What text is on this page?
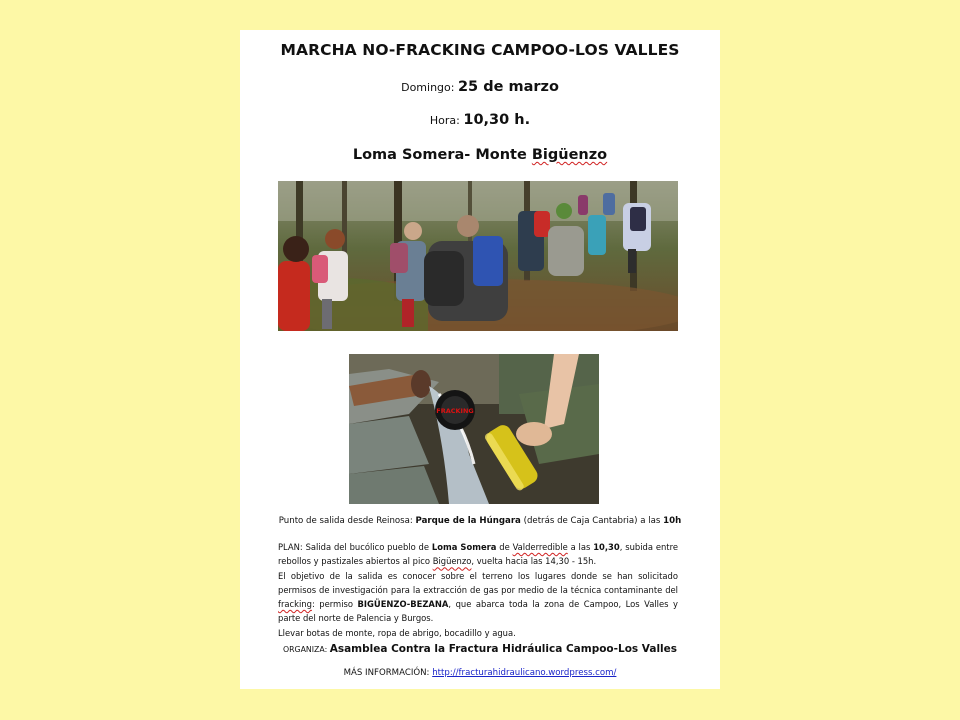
MARCHA NO-FRACKING CAMPOO-LOS VALLES
Domingo: 25 de marzo
Hora: 10,30 h.
Loma Somera- Monte Bigüenzo
FRACKING
Punto de salida desde Reinosa: Parque de la Húngara (detrás de Caja Cantabria) a las 10h

PLAN: Salida del bucólico pueblo de Loma Somera de Valderredible a las 10,30, subida entre rebollos y pastizales abiertos al pico Bigüenzo, vuelta hacia las 14,30 - 15h.

El objetivo de la salida es conocer sobre el terreno los lugares donde se han solicitado permisos de investigación para la extracción de gas por medio de la técnica contaminante del fracking: permiso BIGÜENZO-BEZANA, que abarca toda la zona de Campoo, Los Valles y parte del norte de Palencia y Burgos.

Llevar botas de monte, ropa de abrigo, bocadillo y agua.

ORGANIZA: Asamblea Contra la Fractura Hidráulica Campoo-Los Valles
MÁS INFORMACIÓN: http://fracturahidraulicano.wordpress.com/
